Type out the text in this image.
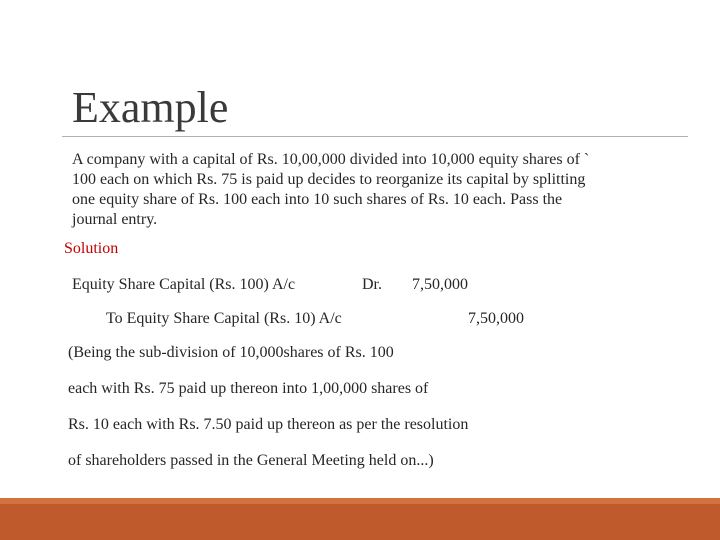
Example
A company with a capital of Rs. 10,00,000 divided into 10,000 equity shares of `
100 each on which Rs. 75 is paid up decides to reorganize its capital by splitting
one equity share of Rs. 100 each into 10 such shares of Rs. 10 each. Pass the
journal entry.
Solution
Equity Share Capital (Rs. 100) A/c	Dr. 7,50,000
To Equity Share Capital (Rs. 10) A/c	7,50,000
(Being the sub-division of 10,000shares of Rs. 100
each with Rs. 75 paid up thereon into 1,00,000 shares of
Rs. 10 each with Rs. 7.50 paid up thereon as per the resolution
of shareholders passed in the General Meeting held on...)
